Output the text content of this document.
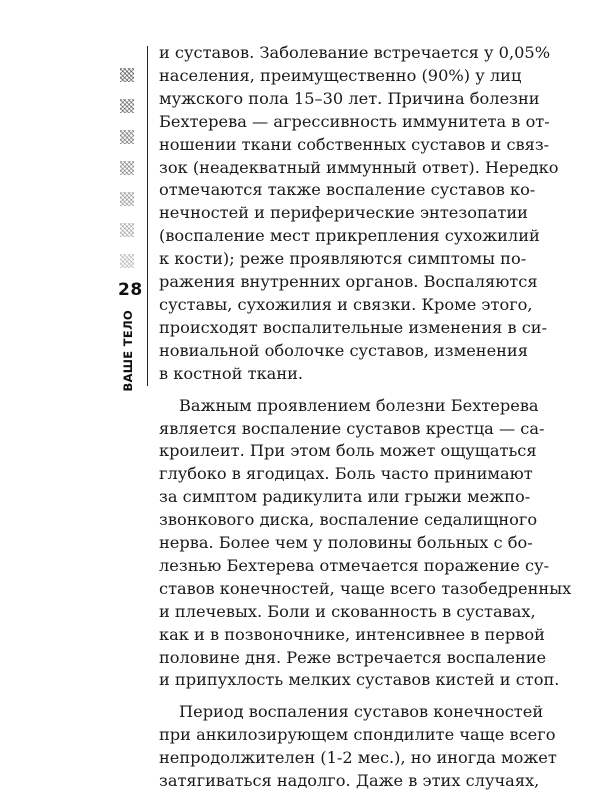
28
ВАШЕ ТЕЛО
и суставов. Заболевание встречается у 0,05%
населения, преимущественно (90%) у лиц
мужского пола 15–30 лет. Причина болезни
Бехтерева — агрессивность иммунитета в от-
ношении ткани собственных суставов и связ-
зок (неадекватный иммунный ответ). Нередко
отмечаются также воспаление суставов ко-
нечностей и периферические энтезопатии
(воспаление мест прикрепления сухожилий
к кости); реже проявляются симптомы по-
ражения внутренних органов. Воспаляются
суставы, сухожилия и связки. Кроме этого,
происходят воспалительные изменения в си-
новиальной оболочке суставов, изменения
в костной ткани.
Важным проявлением болезни Бехтерева
является воспаление суставов крестца — са-
кроилеит. При этом боль может ощущаться
глубоко в ягодицах. Боль часто принимают
за симптом радикулита или грыжи межпо-
звонкового диска, воспаление седалищного
нерва. Более чем у половины больных с бо-
лезнью Бехтерева отмечается поражение су-
ставов конечностей, чаще всего тазобедренных
и плечевых. Боли и скованность в суставах,
как и в позвоночнике, интенсивнее в первой
половине дня. Реже встречается воспаление
и припухлость мелких суставов кистей и стоп.
Период воспаления суставов конечностей
при анкилозирующем спондилите чаще всего
непродолжителен (1-2 мес.), но иногда может
затягиваться надолго. Даже в этих случаях,
